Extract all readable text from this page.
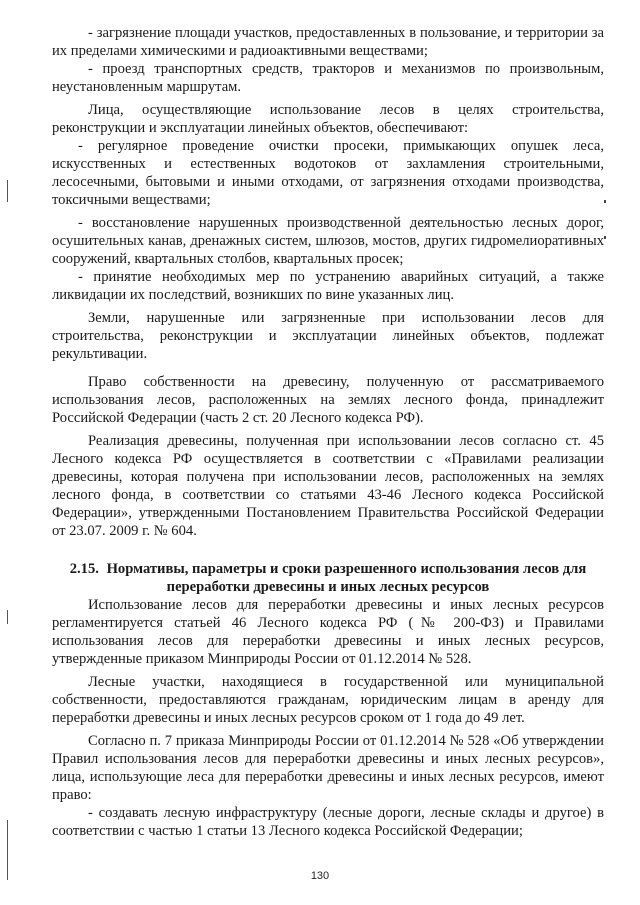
- загрязнение площади участков, предоставленных в пользование, и территории за их пределами химическими и радиоактивными веществами;

- проезд транспортных средств, тракторов и механизмов по произвольным, неустановленным маршрутам.

Лица, осуществляющие использование лесов в целях строительства, реконструкции и эксплуатации линейных объектов, обеспечивают:

- регулярное проведение очистки просеки, примыкающих опушек леса, искусственных и естественных водотоков от захламления строительными, лесосечными, бытовыми и иными отходами, от загрязнения отходами производства, токсичными веществами;

- восстановление нарушенных производственной деятельностью лесных дорог, осушительных канав, дренажных систем, шлюзов, мостов, других гидромелиоративных сооружений, квартальных столбов, квартальных просек;

- принятие необходимых мер по устранению аварийных ситуаций, а также ликвидации их последствий, возникших по вине указанных лиц.

Земли, нарушенные или загрязненные при использовании лесов для строительства, реконструкции и эксплуатации линейных объектов, подлежат рекультивации.

Право собственности на древесину, полученную от рассматриваемого использования лесов, расположенных на землях лесного фонда, принадлежит Российской Федерации (часть 2 ст. 20 Лесного кодекса РФ).

Реализация древесины, полученная при использовании лесов согласно ст. 45 Лесного кодекса РФ осуществляется в соответствии с «Правилами реализации древесины, которая получена при использовании лесов, расположенных на землях лесного фонда, в соответствии со статьями 43-46 Лесного кодекса Российской Федерации», утвержденными Постановлением Правительства Российской Федерации от 23.07. 2009 г. № 604.

2.15. Нормативы, параметры и сроки разрешенного использования лесов для переработки древесины и иных лесных ресурсов

Использование лесов для переработки древесины и иных лесных ресурсов регламентируется статьей 46 Лесного кодекса РФ (№ 200-ФЗ) и Правилами использования лесов для переработки древесины и иных лесных ресурсов, утвержденные приказом Минприроды России от 01.12.2014 № 528.

Лесные участки, находящиеся в государственной или муниципальной собственности, предоставляются гражданам, юридическим лицам в аренду для переработки древесины и иных лесных ресурсов сроком от 1 года до 49 лет.

Согласно п. 7 приказа Минприроды России от 01.12.2014 № 528 «Об утверждении Правил использования лесов для переработки древесины и иных лесных ресурсов», лица, использующие леса для переработки древесины и иных лесных ресурсов, имеют право:

- создавать лесную инфраструктуру (лесные дороги, лесные склады и другое) в соответствии с частью 1 статьи 13 Лесного кодекса Российской Федерации;

130
